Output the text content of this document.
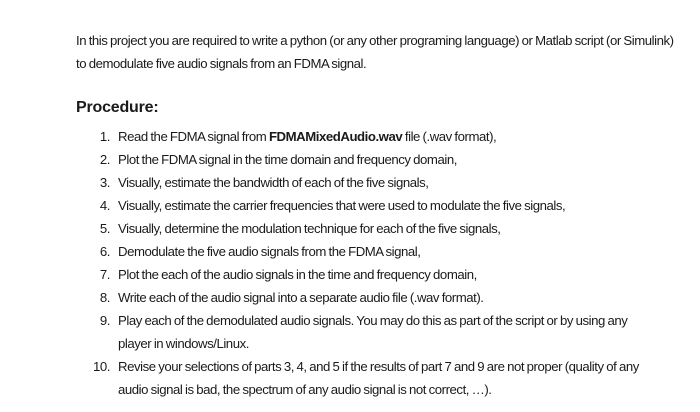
In this project you are required to write a python (or any other programing language) or Matlab script (or Simulink) to demodulate five audio signals from an FDMA signal.

Procedure:
1. Read the FDMA signal from FDMAMixedAudio.wav file (.wav format),
2. Plot the FDMA signal in the time domain and frequency domain,
3. Visually, estimate the bandwidth of each of the five signals,
4. Visually, estimate the carrier frequencies that were used to modulate the five signals,
5. Visually, determine the modulation technique for each of the five signals,
6. Demodulate the five audio signals from the FDMA signal,
7. Plot the each of the audio signals in the time and frequency domain,
8. Write each of the audio signal into a separate audio file (.wav format).
9. Play each of the demodulated audio signals. You may do this as part of the script or by using any player in windows/Linux.
10. Revise your selections of parts 3, 4, and 5 if the results of part 7 and 9 are not proper (quality of any audio signal is bad, the spectrum of any audio signal is not correct, …).
